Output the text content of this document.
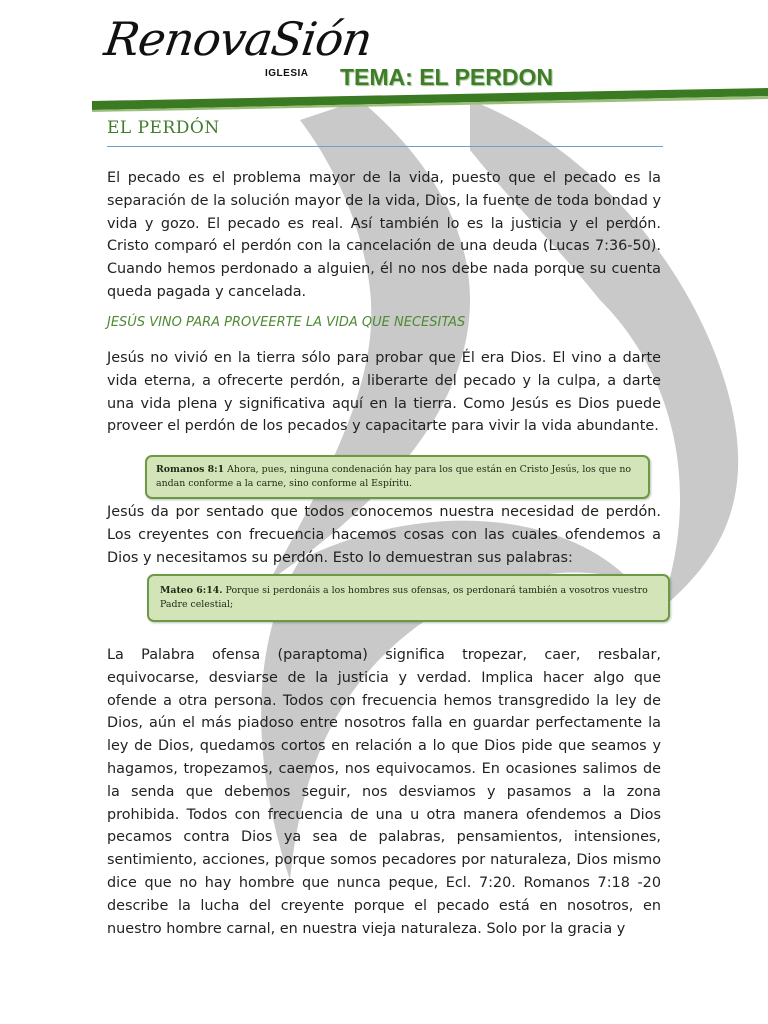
RenovaSión
IGLESIA TEMA: EL PERDON
EL PERDÓN

El pecado es el problema mayor de la vida, puesto que el pecado es la separación de la solución mayor de la vida, Dios, la fuente de toda bondad y vida y gozo. El pecado es real. Así también lo es la justicia y el perdón. Cristo comparó el perdón con la cancelación de una deuda (Lucas 7:36-50). Cuando hemos perdonado a alguien, él no nos debe nada porque su cuenta queda pagada y cancelada.

JESÚS VINO PARA PROVEERTE LA VIDA QUE NECESITAS

Jesús no vivió en la tierra sólo para probar que Él era Dios. El vino a darte vida eterna, a ofrecerte perdón, a liberarte del pecado y la culpa, a darte una vida plena y significativa aquí en la tierra. Como Jesús es Dios puede proveer el perdón de los pecados y capacitarte para vivir la vida abundante.

Romanos 8:1 Ahora, pues, ninguna condenación hay para los que están en Cristo Jesús, los que no andan conforme a la carne, sino conforme al Espíritu.

Jesús da por sentado que todos conocemos nuestra necesidad de perdón. Los creyentes con frecuencia hacemos cosas con las cuales ofendemos a Dios y necesitamos su perdón. Esto lo demuestran sus palabras:

Mateo 6:14. Porque si perdonáis a los hombres sus ofensas, os perdonará también a vosotros vuestro Padre celestial;

La Palabra ofensa (paraptoma) significa tropezar, caer, resbalar, equivocarse, desviarse de la justicia y verdad. Implica hacer algo que ofende a otra persona. Todos con frecuencia hemos transgredido la ley de Dios, aún el más piadoso entre nosotros falla en guardar perfectamente la ley de Dios, quedamos cortos en relación a lo que Dios pide que seamos y hagamos, tropezamos, caemos, nos equivocamos. En ocasiones salimos de la senda que debemos seguir, nos desviamos y pasamos a la zona prohibida. Todos con frecuencia de una u otra manera ofendemos a Dios pecamos contra Dios ya sea de palabras, pensamientos, intensiones, sentimiento, acciones, porque somos pecadores por naturaleza, Dios mismo dice que no hay hombre que nunca peque, Ecl. 7:20. Romanos 7:18 -20 describe la lucha del creyente porque el pecado está en nosotros, en nuestro hombre carnal, en nuestra vieja naturaleza. Solo por la gracia y
